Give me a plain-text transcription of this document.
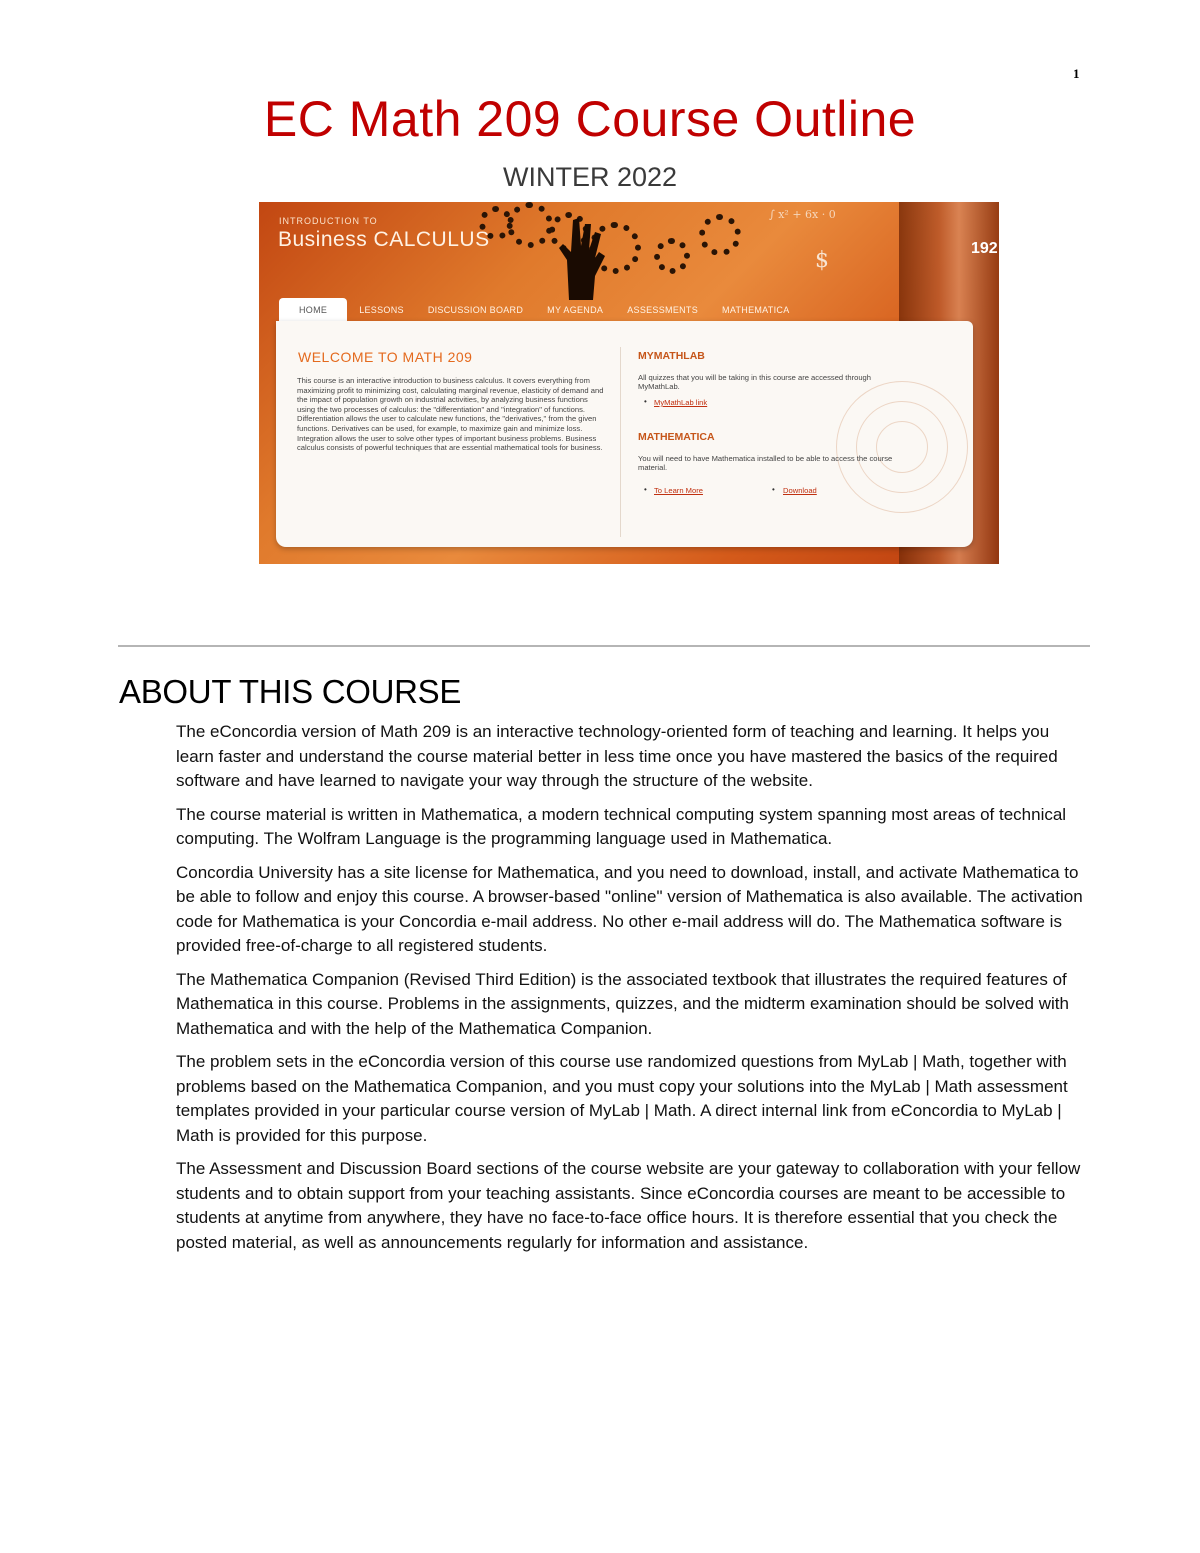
1
EC Math 209 Course Outline
WINTER 2022
∫ x² + 6x · 0
$	192
INTRODUCTION TO
Business CALCULUS
HOME	LESSONS	DISCUSSION BOARD	MY AGENDA	ASSESSMENTS	MATHEMATICA
WELCOME TO MATH 209
This course is an interactive introduction to business calculus. It covers everything from maximizing profit to minimizing cost, calculating marginal revenue, elasticity of demand and the impact of population growth on industrial activities, by analyzing business functions using the two processes of calculus: the "differentiation" and "integration" of functions. Differentiation allows the user to calculate new functions, the "derivatives," from the given functions. Derivatives can be used, for example, to maximize gain and minimize loss. Integration allows the user to solve other types of important business problems. Business calculus consists of powerful techniques that are essential mathematical tools for business.
MYMATHLAB
All quizzes that you will be taking in this course are accessed through MyMathLab.
• MyMathLab link
MATHEMATICA
You will need to have Mathematica installed to be able to access the course material.
• To Learn More	• Download
ABOUT THIS COURSE

The eConcordia version of Math 209 is an interactive technology-oriented form of teaching and learning. It helps you learn faster and understand the course material better in less time once you have mastered the basics of the required software and have learned to navigate your way through the structure of the website.

The course material is written in Mathematica, a modern technical computing system spanning most areas of technical computing. The Wolfram Language is the programming language used in Mathematica.

Concordia University has a site license for Mathematica, and you need to download, install, and activate Mathematica to be able to follow and enjoy this course. A browser-based "online" version of Mathematica is also available. The activation code for Mathematica is your Concordia e-mail address. No other e-mail address will do. The Mathematica software is provided free-of-charge to all registered students.

The Mathematica Companion (Revised Third Edition) is the associated textbook that illustrates the required features of Mathematica in this course. Problems in the assignments, quizzes, and the midterm examination should be solved with Mathematica and with the help of the Mathematica Companion.

The problem sets in the eConcordia version of this course use randomized questions from MyLab | Math, together with problems based on the Mathematica Companion, and you must copy your solutions into the MyLab | Math assessment templates provided in your particular course version of MyLab | Math. A direct internal link from eConcordia to MyLab | Math is provided for this purpose.

The Assessment and Discussion Board sections of the course website are your gateway to collaboration with your fellow students and to obtain support from your teaching assistants. Since eConcordia courses are meant to be accessible to students at anytime from anywhere, they have no face-to-face office hours. It is therefore essential that you check the posted material, as well as announcements regularly for information and assistance.
